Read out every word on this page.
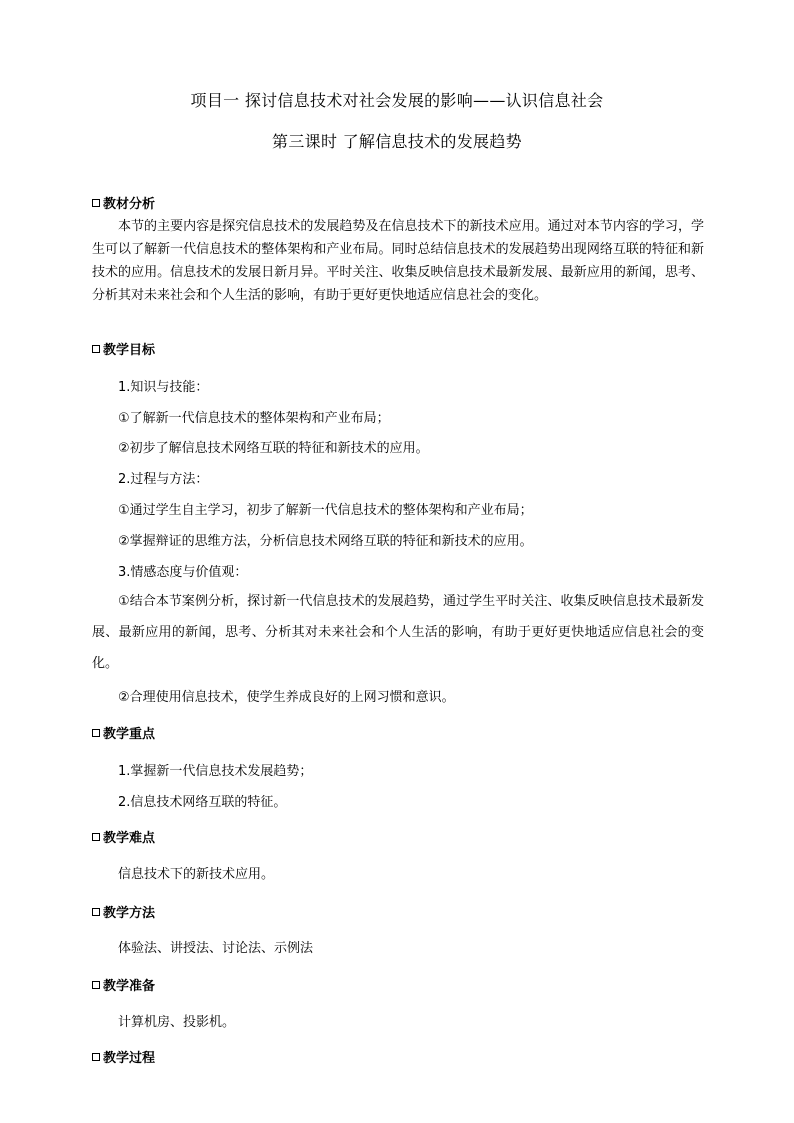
项目一 探讨信息技术对社会发展的影响——认识信息社会
第三课时 了解信息技术的发展趋势
教材分析
本节的主要内容是探究信息技术的发展趋势及在信息技术下的新技术应用。通过对本节内容的学习，学生可以了解新一代信息技术的整体架构和产业布局。同时总结信息技术的发展趋势出现网络互联的特征和新技术的应用。信息技术的发展日新月异。平时关注、收集反映信息技术最新发展、最新应用的新闻，思考、分析其对未来社会和个人生活的影响，有助于更好更快地适应信息社会的变化。
教学目标
1.知识与技能：
①了解新一代信息技术的整体架构和产业布局；
②初步了解信息技术网络互联的特征和新技术的应用。
2.过程与方法：
①通过学生自主学习，初步了解新一代信息技术的整体架构和产业布局；
②掌握辩证的思维方法，分析信息技术网络互联的特征和新技术的应用。
3.情感态度与价值观：
①结合本节案例分析，探讨新一代信息技术的发展趋势，通过学生平时关注、收集反映信息技术最新发展、最新应用的新闻，思考、分析其对未来社会和个人生活的影响，有助于更好更快地适应信息社会的变化。
②合理使用信息技术，使学生养成良好的上网习惯和意识。
教学重点
1.掌握新一代信息技术发展趋势；
2.信息技术网络互联的特征。
教学难点
信息技术下的新技术应用。
教学方法
体验法、讲授法、讨论法、示例法
教学准备
计算机房、投影机。
教学过程
